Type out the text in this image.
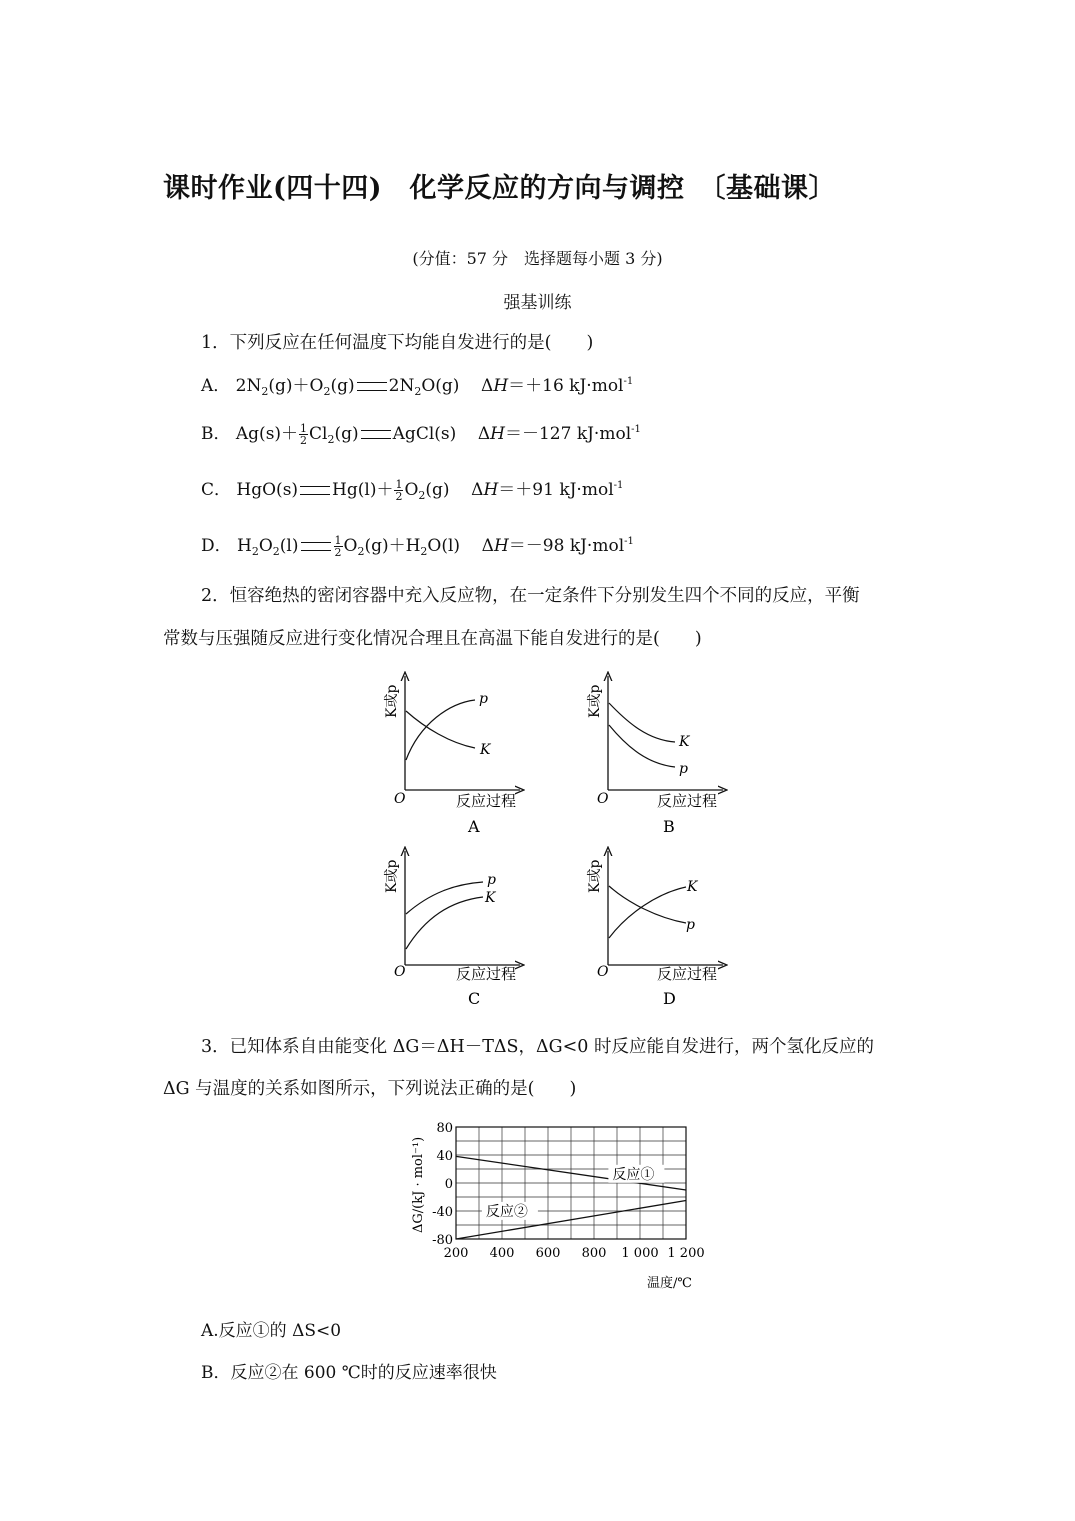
课时作业(四十四)　化学反应的方向与调控　〔基础课〕
(分值：57 分　选择题每小题 3 分)
强基训练
1．下列反应在任何温度下均能自发进行的是(　　)
A． $2N_2(g)+O_2(g)$ $2N_2O(g)$    ΔH＝＋16 kJ·mol$^{-1}$
B． $Ag(s)+ \frac{1}{2} Cl_2(g)$ AgCl(s)    ΔH＝－127 kJ·mol$^{-1}$
C． HgO(s) $Hg(l)+ \frac{1}{2} O_2(g)$    ΔH＝＋91 kJ·mol$^{-1}$
D． $H_2O_2(l)$	$\frac{1}{2} O_2(g)+H_2O(l)$    ΔH＝－98 kJ·mol$^{-1}$
2．恒容绝热的密闭容器中充入反应物，在一定条件下分别发生四个不同的反应，平衡
常数与压强随反应进行变化情况合理且在高温下能自发进行的是(　　)
K或p	p
K
O	反应过程
A
K或p
K
p
O	反应过程
B
K或p	p
K
O	反应过程
C
K或p	K
p
O	反应过程
D
3．已知体系自由能变化 ΔG＝ΔH－TΔS，ΔG<0 时反应能自发进行，两个氢化反应的
ΔG 与温度的关系如图所示，下列说法正确的是(　　)
80
40
0
-40
-80
200 400 600 800 1 000 1 200
反应①
反应②
ΔG/(kJ · mol⁻¹)
温度/℃
A.反应①的 ΔS<0
B．反应②在 600 ℃时的反应速率很快
